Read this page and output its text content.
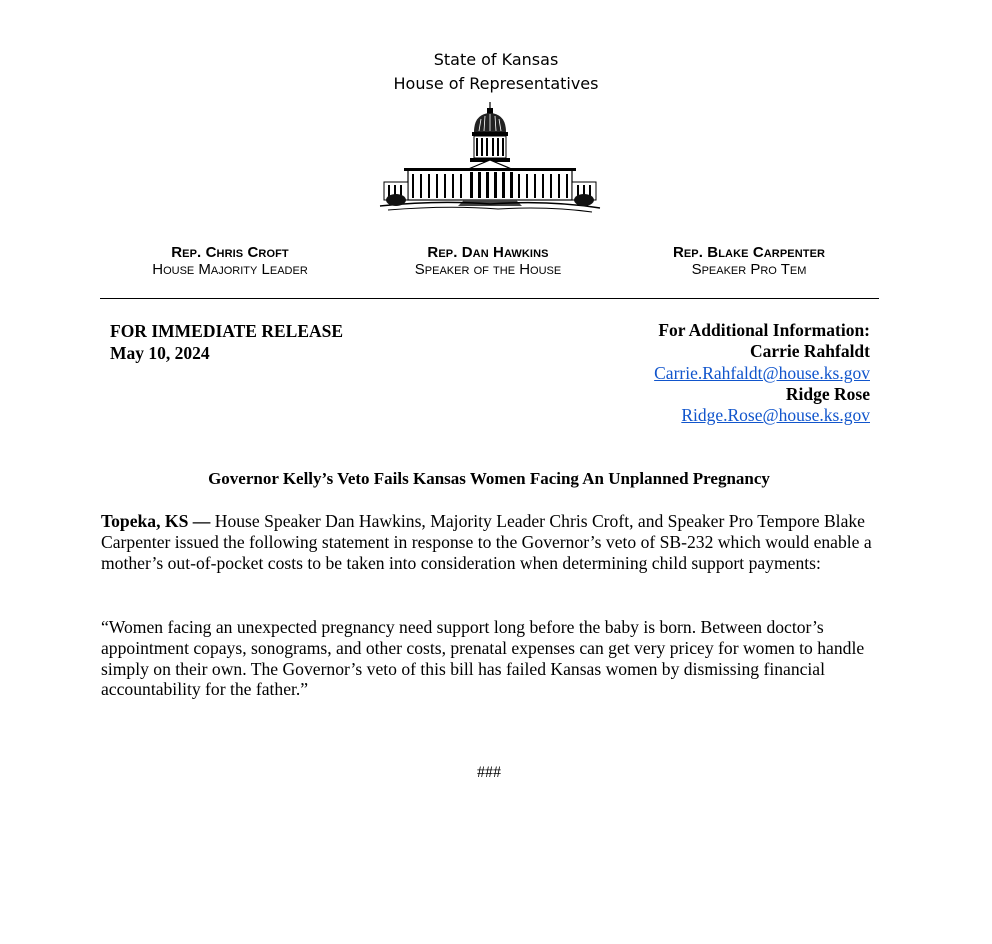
State of Kansas
House of Representatives
Rep. Chris Croft
House Majority Leader
Rep. Dan Hawkins
Speaker of the House
Rep. Blake Carpenter
Speaker Pro Tem
FOR IMMEDIATE RELEASE
May 10, 2024
For Additional Information:
Carrie Rahfaldt
Carrie.Rahfaldt@house.ks.gov
Ridge Rose
Ridge.Rose@house.ks.gov
Governor Kelly’s Veto Fails Kansas Women Facing An Unplanned Pregnancy

Topeka, KS — House Speaker Dan Hawkins, Majority Leader Chris Croft, and Speaker Pro Tempore Blake Carpenter issued the following statement in response to the Governor’s veto of SB-232 which would enable a mother’s out-of-pocket costs to be taken into consideration when determining child support payments:

“Women facing an unexpected pregnancy need support long before the baby is born. Between doctor’s appointment copays, sonograms, and other costs, prenatal expenses can get very pricey for women to handle simply on their own. The Governor’s veto of this bill has failed Kansas women by dismissing financial accountability for the father.”

###
